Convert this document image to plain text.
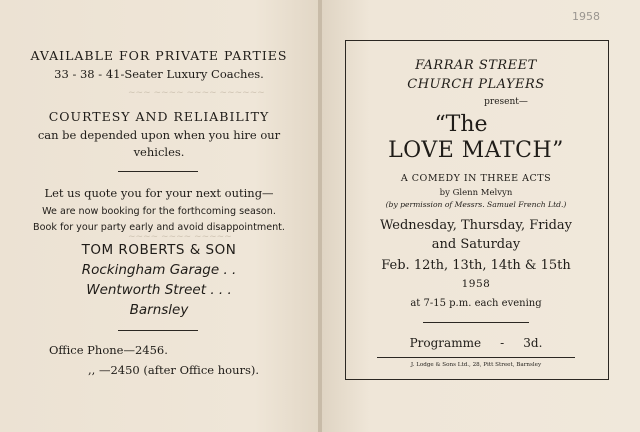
AVAILABLE FOR PRIVATE PARTIES
33 - 38 - 41-Seater Luxury Coaches.
COURTESY AND RELIABILITY
can be depended upon when you hire our
vehicles.
Let us quote you for your next outing—
We are now booking for the forthcoming season.
Book for your party early and avoid disappointment.
TOM ROBERTS & SON
Rockingham Garage . .
Wentworth Street . . .
Barnsley
Office Phone—2456.
,, —2450 (after Office hours).
~~~ ~~~~ ~~~~ ~~~~~~
~~~~ ~~~~ ~~~~~
1958
FARRAR STREET
CHURCH PLAYERS
present—
“The
LOVE MATCH”
A COMEDY IN THREE ACTS
by Glenn Melvyn
(by permission of Messrs. Samuel French Ltd.)
Wednesday, Thursday, Friday
and Saturday
Feb. 12th, 13th, 14th & 15th
1958
at 7-15 p.m. each evening
Programme     -     3d.
J. Lodge & Sons Ltd., 28, Pitt Street, Barnsley
